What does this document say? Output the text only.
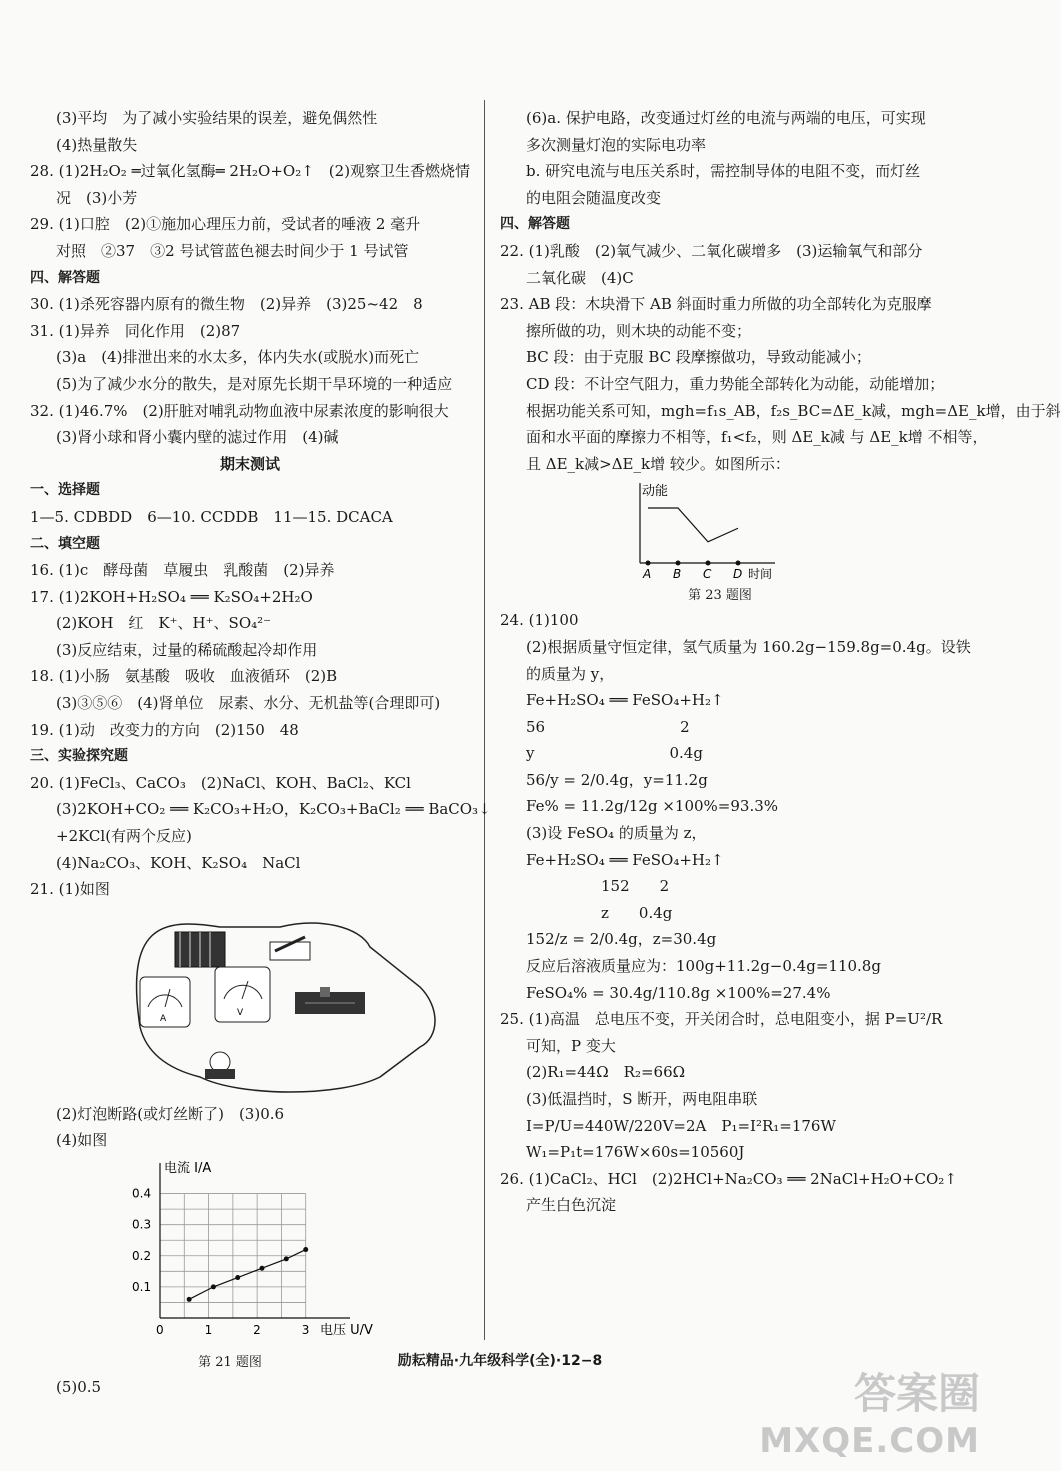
(3)平均　为了减小实验结果的误差，避免偶然性
(4)热量散失
28. (1)2H₂O₂ ═过氧化氢酶═ 2H₂O+O₂↑　(2)观察卫生香燃烧情
况　(3)小芳
29. (1)口腔　(2)①施加心理压力前，受试者的唾液 2 毫升
对照　②37　③2 号试管蓝色褪去时间少于 1 号试管
四、解答题
30. (1)杀死容器内原有的微生物　(2)异养　(3)25~42　8
31. (1)异养　同化作用　(2)87
(3)a　(4)排泄出来的水太多，体内失水(或脱水)而死亡
(5)为了减少水分的散失，是对原先长期干旱环境的一种适应
32. (1)46.7%　(2)肝脏对哺乳动物血液中尿素浓度的影响很大
(3)肾小球和肾小囊内壁的滤过作用　(4)碱
期末测试
一、选择题
1—5. CDBDD　6—10. CCDDB　11—15. DCACA
二、填空题
16. (1)c　酵母菌　草履虫　乳酸菌　(2)异养
17. (1)2KOH+H₂SO₄ ══ K₂SO₄+2H₂O
(2)KOH　红　K⁺、H⁺、SO₄²⁻
(3)反应结束，过量的稀硫酸起冷却作用
18. (1)小肠　氨基酸　吸收　血液循环　(2)B
(3)③⑤⑥　(4)肾单位　尿素、水分、无机盐等(合理即可)
19. (1)动　改变力的方向　(2)150　48
三、实验探究题
20. (1)FeCl₃、CaCO₃　(2)NaCl、KOH、BaCl₂、KCl
(3)2KOH+CO₂ ══ K₂CO₃+H₂O，K₂CO₃+BaCl₂ ══ BaCO₃↓
+2KCl(有两个反应)
(4)Na₂CO₃、KOH、K₂SO₄　NaCl
21. (1)如图
A
V
(2)灯泡断路(或灯丝断了)　(3)0.6
(4)如图
0.1
0.2
0.3
0.4
0	1	2	3
电流 I/A
电压 U/V
第 21 题图
(5)0.5
(6)a. 保护电路，改变通过灯丝的电流与两端的电压，可实现
多次测量灯泡的实际电功率
b. 研究电流与电压关系时，需控制导体的电阻不变，而灯丝
的电阻会随温度改变
四、解答题
22. (1)乳酸　(2)氧气减少、二氧化碳增多　(3)运输氧气和部分
二氧化碳　(4)C
23. AB 段：木块滑下 AB 斜面时重力所做的功全部转化为克服摩
擦所做的功，则木块的动能不变；
BC 段：由于克服 BC 段摩擦做功，导致动能减小；
CD 段：不计空气阻力，重力势能全部转化为动能，动能增加；
根据功能关系可知，mgh=f₁s_AB，f₂s_BC=ΔE_k减，mgh=ΔE_k增，由于斜
面和水平面的摩擦力不相等，f₁<f₂，则 ΔE_k减 与 ΔE_k增 不相等，
且 ΔE_k减>ΔE_k增 较少。如图所示：
动能
A B C D 时间
第 23 题图
24. (1)100
(2)根据质量守恒定律，氢气质量为 160.2g−159.8g=0.4g。设铁
的质量为 y，
Fe+H₂SO₄ ══ FeSO₄+H₂↑
56　　　　　　　　　2
y　　　　　　　　　0.4g
56/y = 2/0.4g，y=11.2g
Fe% = 11.2g/12g ×100%=93.3%
(3)设 FeSO₄ 的质量为 z，
Fe+H₂SO₄ ══ FeSO₄+H₂↑
　　　　　152　　2
　　　　　z　　0.4g
152/z = 2/0.4g，z=30.4g
反应后溶液质量应为：100g+11.2g−0.4g=110.8g
FeSO₄% = 30.4g/110.8g ×100%=27.4%
25. (1)高温　总电压不变，开关闭合时，总电阻变小，据 P=U²/R
可知，P 变大
(2)R₁=44Ω　R₂=66Ω
(3)低温挡时，S 断开，两电阻串联
I=P/U=440W/220V=2A　P₁=I²R₁=176W
W₁=P₁t=176W×60s=10560J
26. (1)CaCl₂、HCl　(2)2HCl+Na₂CO₃ ══ 2NaCl+H₂O+CO₂↑
产生白色沉淀
励耘精品·九年级科学(全)·12−8
答案圈
MXQE.COM
